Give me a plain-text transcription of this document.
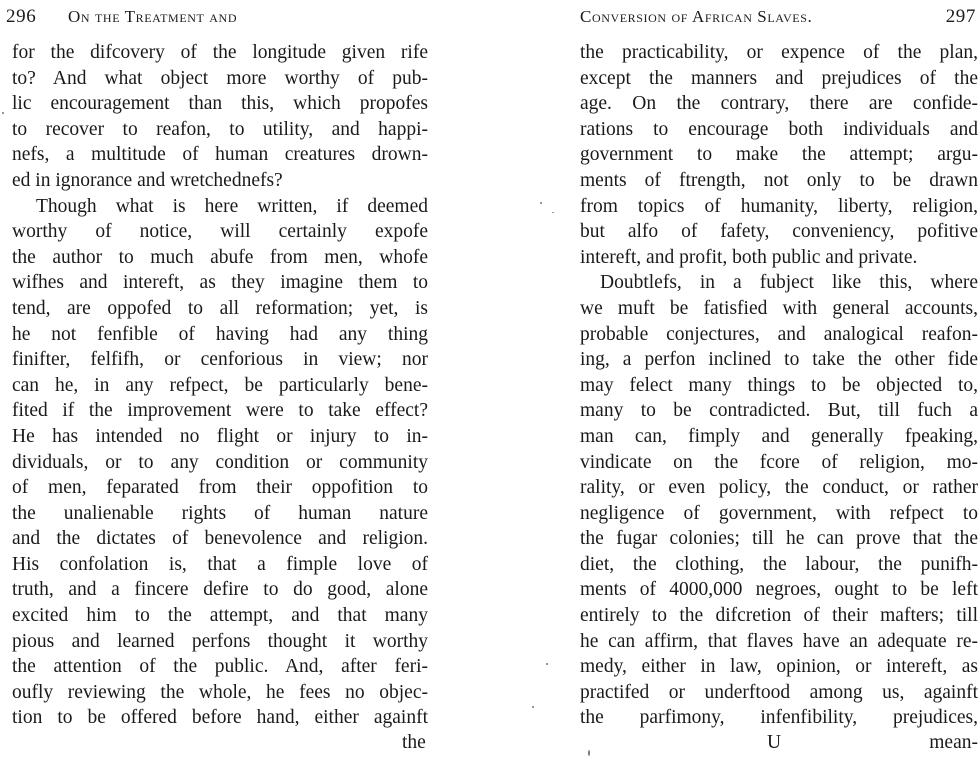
296 On the Treatment and
for the difcovery of the longitude given rife
to? And what object more worthy of pub-
lic encouragement than this, which propofes
to recover to reafon, to utility, and happi-
nefs, a multitude of human creatures drown-
ed in ignorance and wretchednefs?
Though what is here written, if deemed
worthy of notice, will certainly expofe
the author to much abufe from men, whofe
wifhes and intereft, as they imagine them to
tend, are oppofed to all reformation; yet, is
he not fenfible of having had any thing
finifter, felfifh, or cenforious in view; nor
can he, in any refpect, be particularly bene-
fited if the improvement were to take effect?
He has intended no flight or injury to in-
dividuals, or to any condition or community
of men, feparated from their oppofition to
the unalienable rights of human nature
and the dictates of benevolence and religion.
His confolation is, that a fimple love of
truth, and a fincere defire to do good, alone
excited him to the attempt, and that many
pious and learned perfons thought it worthy
the attention of the public. And, after feri-
oufly reviewing the whole, he fees no objec-
tion to be offered before hand, either againft
the
Conversion of African Slaves.	297
the practicability, or expence of the plan,
except the manners and prejudices of the
age. On the contrary, there are confide-
rations to encourage both individuals and
government to make the attempt; argu-
ments of ftrength, not only to be drawn
from topics of humanity, liberty, religion,
but alfo of fafety, conveniency, pofitive
intereft, and profit, both public and private.
Doubtlefs, in a fubject like this, where
we muft be fatisfied with general accounts,
probable conjectures, and analogical reafon-
ing, a perfon inclined to take the other fide
may felect many things to be objected to,
many to be contradicted. But, till fuch a
man can, fimply and generally fpeaking,
vindicate on the fcore of religion, mo-
rality, or even policy, the conduct, or rather
negligence of government, with refpect to
the fugar colonies; till he can prove that the
diet, the clothing, the labour, the punifh-
ments of 4000,000 negroes, ought to be left
entirely to the difcretion of their mafters; till
he can affirm, that flaves have an adequate re-
medy, either in law, opinion, or intereft, as
practifed or underftood among us, againft
the parfimony, infenfibility, prejudices,
U	mean-
